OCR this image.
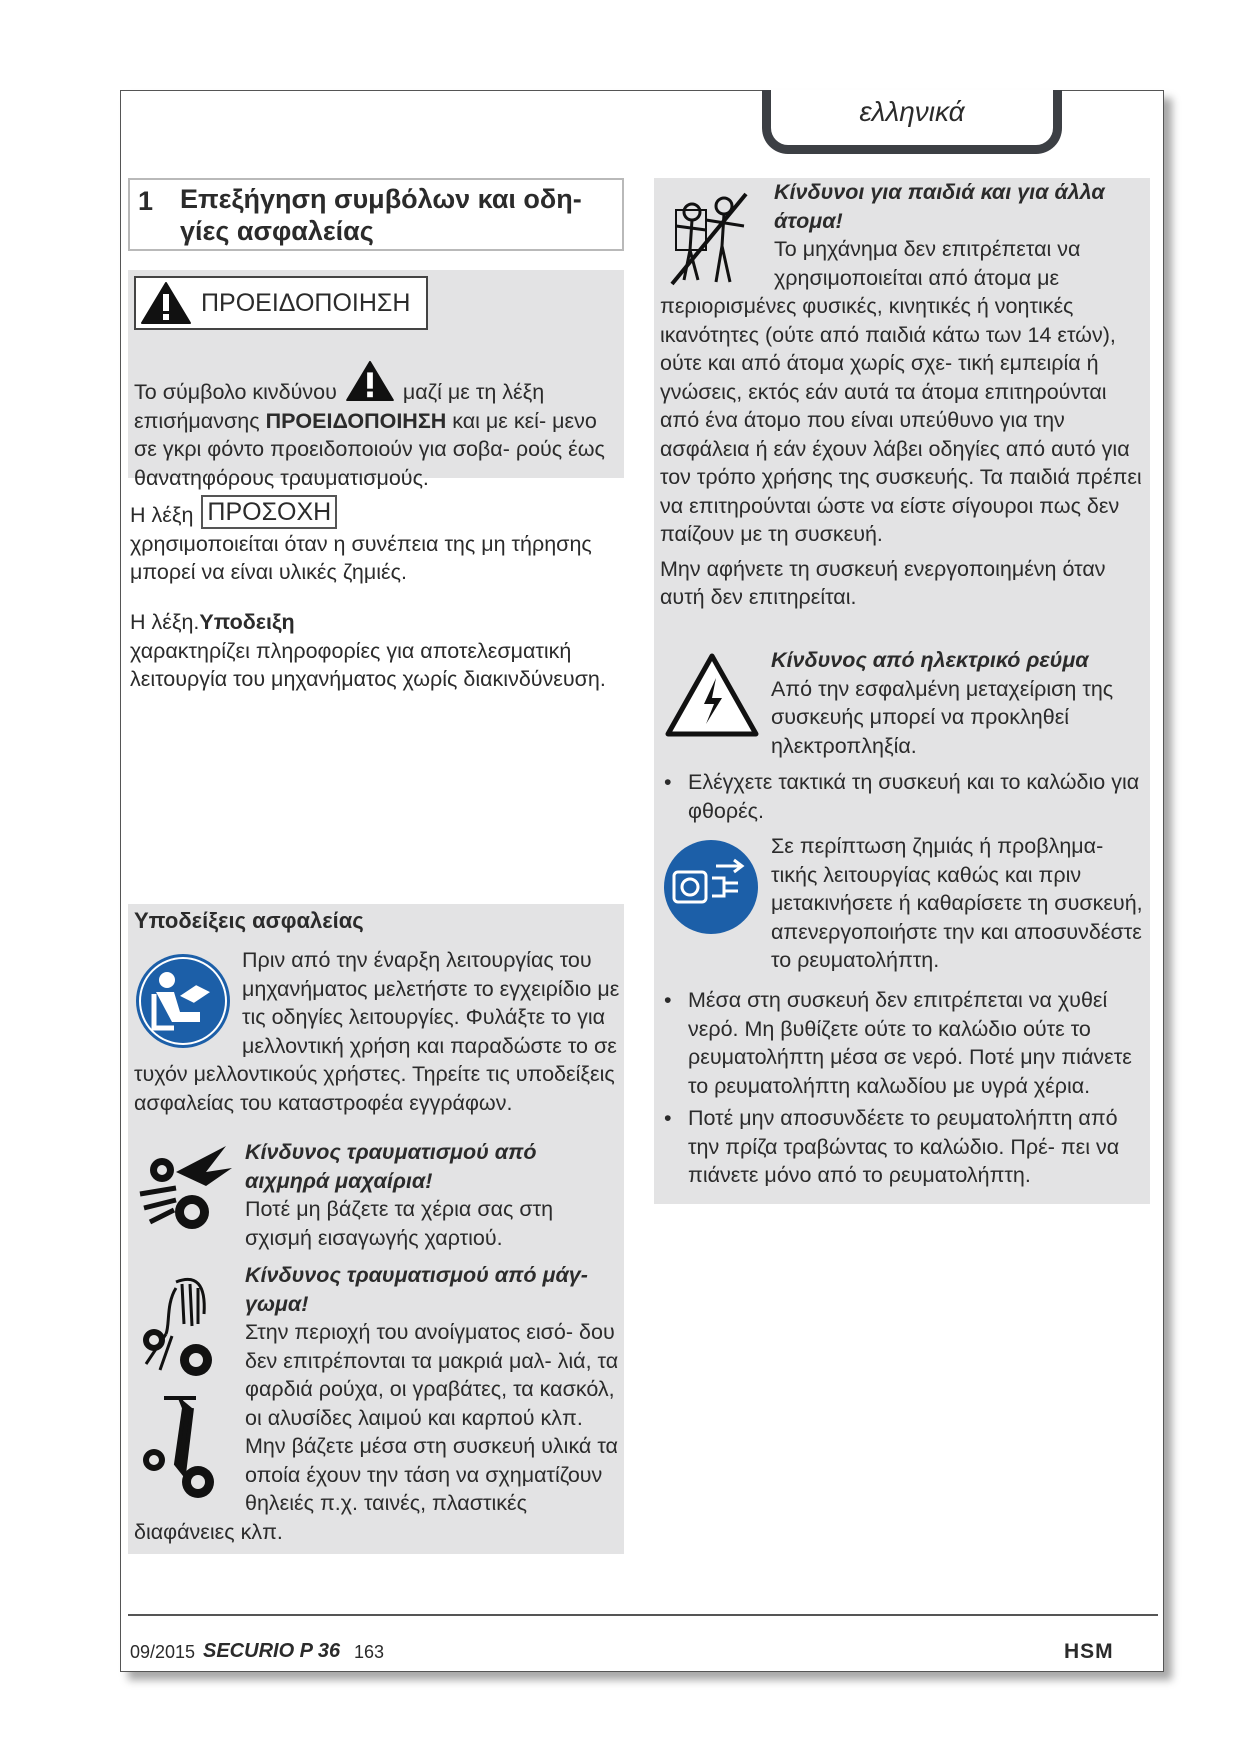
ελληνικά
1 Επεξήγηση συμβόλων και οδη- γίες ασφαλείας
ΠΡΟΕΙΔΟΠΟΙΗΣΗ
Το σύμβολο κινδύνου	μαζί με τη λέξη επισήμανσης ΠΡΟΕΙΔΟΠΟΙΗΣΗ και με κεί- μενο σε γκρι φόντο προειδοποιούν για σοβα- ρούς έως θανατηφόρους τραυματισμούς.
Η λέξη ΠΡΟΣΟΧΗ

χρησιμοποιείται όταν η συνέπεια της μη τήρησης μπορεί να είναι υλικές ζημιές.

Η λέξη.Υποδειξη

χαρακτηρίζει πληροφορίες για αποτελεσματική λειτουργία του μηχανήματος χωρίς διακινδύνευση.

Υποδείξεις ασφαλείας

Πριν από την έναρξη λειτουργίας του μηχανήματος μελετήστε το εγχειρίδιο με τις οδηγίες λειτουργίες. Φυλάξτε το για μελλοντική χρήση και παραδώστε το σε τυχόν μελλοντικούς χρήστες. Τηρείτε τις υποδείξεις ασφαλείας του καταστροφέα εγγράφων.

Κίνδυνος τραυματισμού από αιχμηρά μαχαίρια!

Ποτέ μη βάζετε τα χέρια σας στη σχισμή εισαγωγής χαρτιού.

Κίνδυνος τραυματισμού από μάγ- γωμα!

Στην περιοχή του ανοίγματος εισό- δου δεν επιτρέπονται τα μακριά μαλ- λιά, τα φαρδιά ρούχα, οι γραβάτες, τα κασκόλ, οι αλυσίδες λαιμού και καρπού κλπ. Μην βάζετε μέσα στη συσκευή υλικά τα οποία έχουν την τάση να σχηματίζουν θηλειές π.χ. ταινές, πλαστικές διαφάνειες κλπ.

Κίνδυνοι για παιδιά και για άλλα άτομα!

Το μηχάνημα δεν επιτρέπεται να χρησιμοποιείται από άτομα με περιορισμένες φυσικές, κινητικές ή νοητικές ικανότητες (ούτε από παιδιά κάτω των 14 ετών), ούτε και από άτομα χωρίς σχε- τική εμπειρία ή γνώσεις, εκτός εάν αυτά τα άτομα επιτηρούνται από ένα άτομο που είναι υπεύθυνο για την ασφάλεια ή εάν έχουν λάβει οδηγίες από αυτό για τον τρόπο χρήσης της συσκευής. Τα παιδιά πρέπει να επιτηρούνται ώστε να είστε σίγουροι πως δεν παίζουν με τη συσκευή.

Μην αφήνετε τη συσκευή ενεργοποιημένη όταν αυτή δεν επιτηρείται.

Κίνδυνος από ηλεκτρικό ρεύμα

Από την εσφαλμένη μεταχείριση της συσκευής μπορεί να προκληθεί ηλεκτροπληξία.

• Ελέγχετε τακτικά τη συσκευή και το καλώδιο για φθορές.

Σε περίπτωση ζημιάς ή προβλημα- τικής λειτουργίας καθώς και πριν μετακινήσετε ή καθαρίσετε τη συσκευή, απενεργοποιήστε την και αποσυνδέστε το ρευματολήπτη.

• Μέσα στη συσκευή δεν επιτρέπεται να χυθεί νερό. Μη βυθίζετε ούτε το καλώδιο ούτε το ρευματολήπτη μέσα σε νερό. Ποτέ μην πιάνετε το ρευματολήπτη καλωδίου με υγρά χέρια.
• Ποτέ μην αποσυνδέετε το ρευματολήπτη από την πρίζα τραβώντας το καλώδιο. Πρέ- πει να πιάνετε μόνο από το ρευματολήπτη.
09/2015 SECURIO P 36 163	HSM
